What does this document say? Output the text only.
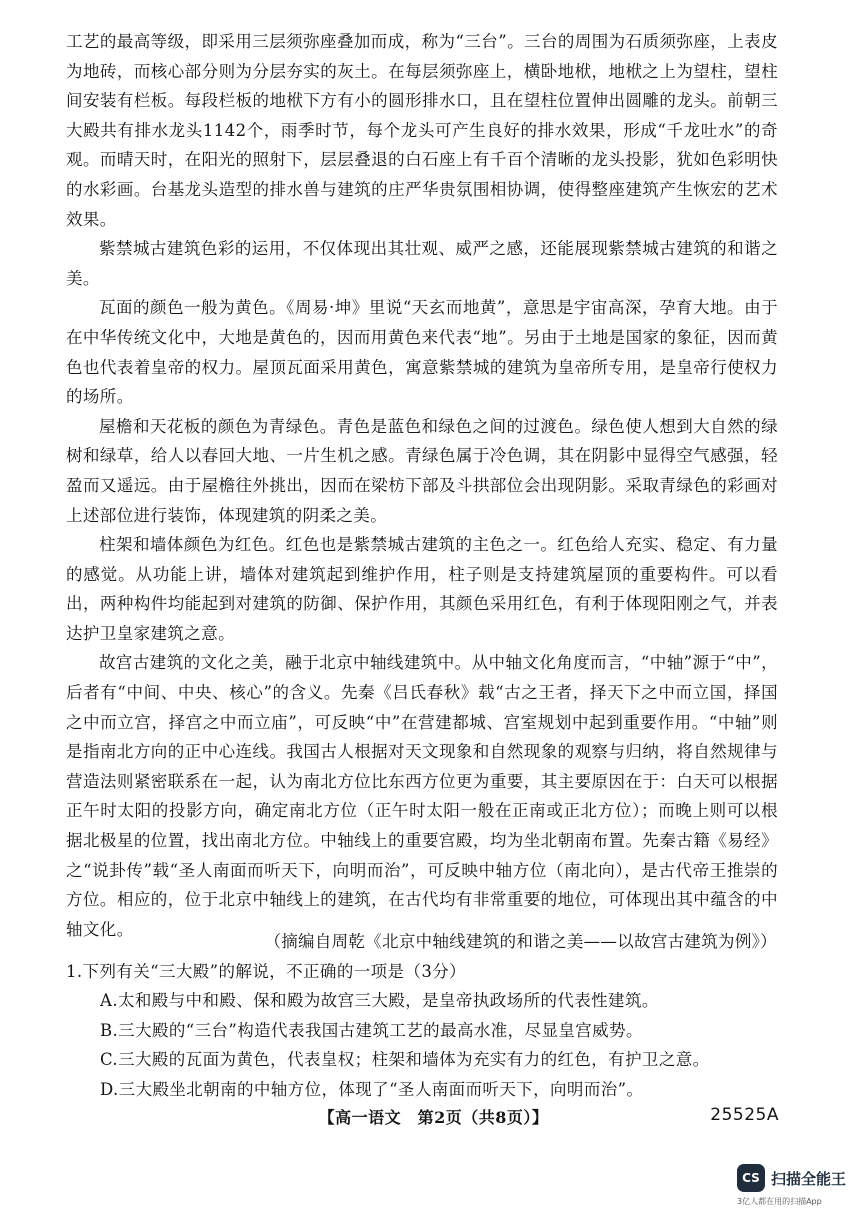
工艺的最高等级，即采用三层须弥座叠加而成，称为“三台”。三台的周围为石质须弥座，上表皮为地砖，而核心部分则为分层夯实的灰土。在每层须弥座上，横卧地栿，地栿之上为望柱，望柱间安装有栏板。每段栏板的地栿下方有小的圆形排水口，且在望柱位置伸出圆雕的龙头。前朝三大殿共有排水龙头1142个，雨季时节，每个龙头可产生良好的排水效果，形成“千龙吐水”的奇观。而晴天时，在阳光的照射下，层层叠退的白石座上有千百个清晰的龙头投影，犹如色彩明快的水彩画。台基龙头造型的排水兽与建筑的庄严华贵氛围相协调，使得整座建筑产生恢宏的艺术效果。

紫禁城古建筑色彩的运用，不仅体现出其壮观、威严之感，还能展现紫禁城古建筑的和谐之美。

瓦面的颜色一般为黄色。《周易·坤》里说“天玄而地黄”，意思是宇宙高深，孕育大地。由于在中华传统文化中，大地是黄色的，因而用黄色来代表“地”。另由于土地是国家的象征，因而黄色也代表着皇帝的权力。屋顶瓦面采用黄色，寓意紫禁城的建筑为皇帝所专用，是皇帝行使权力的场所。

屋檐和天花板的颜色为青绿色。青色是蓝色和绿色之间的过渡色。绿色使人想到大自然的绿树和绿草，给人以春回大地、一片生机之感。青绿色属于冷色调，其在阴影中显得空气感强，轻盈而又遥远。由于屋檐往外挑出，因而在梁枋下部及斗拱部位会出现阴影。采取青绿色的彩画对上述部位进行装饰，体现建筑的阴柔之美。

柱架和墙体颜色为红色。红色也是紫禁城古建筑的主色之一。红色给人充实、稳定、有力量的感觉。从功能上讲，墙体对建筑起到维护作用，柱子则是支持建筑屋顶的重要构件。可以看出，两种构件均能起到对建筑的防御、保护作用，其颜色采用红色，有利于体现阳刚之气，并表达护卫皇家建筑之意。

故宫古建筑的文化之美，融于北京中轴线建筑中。从中轴文化角度而言，“中轴”源于“中”，后者有“中间、中央、核心”的含义。先秦《吕氏春秋》载“古之王者，择天下之中而立国，择国之中而立宫，择宫之中而立庙”，可反映“中”在营建都城、宫室规划中起到重要作用。“中轴”则是指南北方向的正中心连线。我国古人根据对天文现象和自然现象的观察与归纳，将自然规律与营造法则紧密联系在一起，认为南北方位比东西方位更为重要，其主要原因在于：白天可以根据正午时太阳的投影方向，确定南北方位（正午时太阳一般在正南或正北方位）；而晚上则可以根据北极星的位置，找出南北方位。中轴线上的重要宫殿，均为坐北朝南布置。先秦古籍《易经》之“说卦传”载“圣人南面而听天下，向明而治”，可反映中轴方位（南北向），是古代帝王推崇的方位。相应的，位于北京中轴线上的建筑，在古代均有非常重要的地位，可体现出其中蕴含的中轴文化。

（摘编自周乾《北京中轴线建筑的和谐之美——以故宫古建筑为例》）

1.下列有关“三大殿”的解说，不正确的一项是（3分）

A.太和殿与中和殿、保和殿为故宫三大殿，是皇帝执政场所的代表性建筑。

B.三大殿的“三台”构造代表我国古建筑工艺的最高水准，尽显皇宫威势。

C.三大殿的瓦面为黄色，代表皇权；柱架和墙体为充实有力的红色，有护卫之意。

D.三大殿坐北朝南的中轴方位，体现了“圣人南面而听天下，向明而治”。

【高一语文　第2页（共8页）】	25525A
CS 扫描全能王
3亿人都在用的扫描App
